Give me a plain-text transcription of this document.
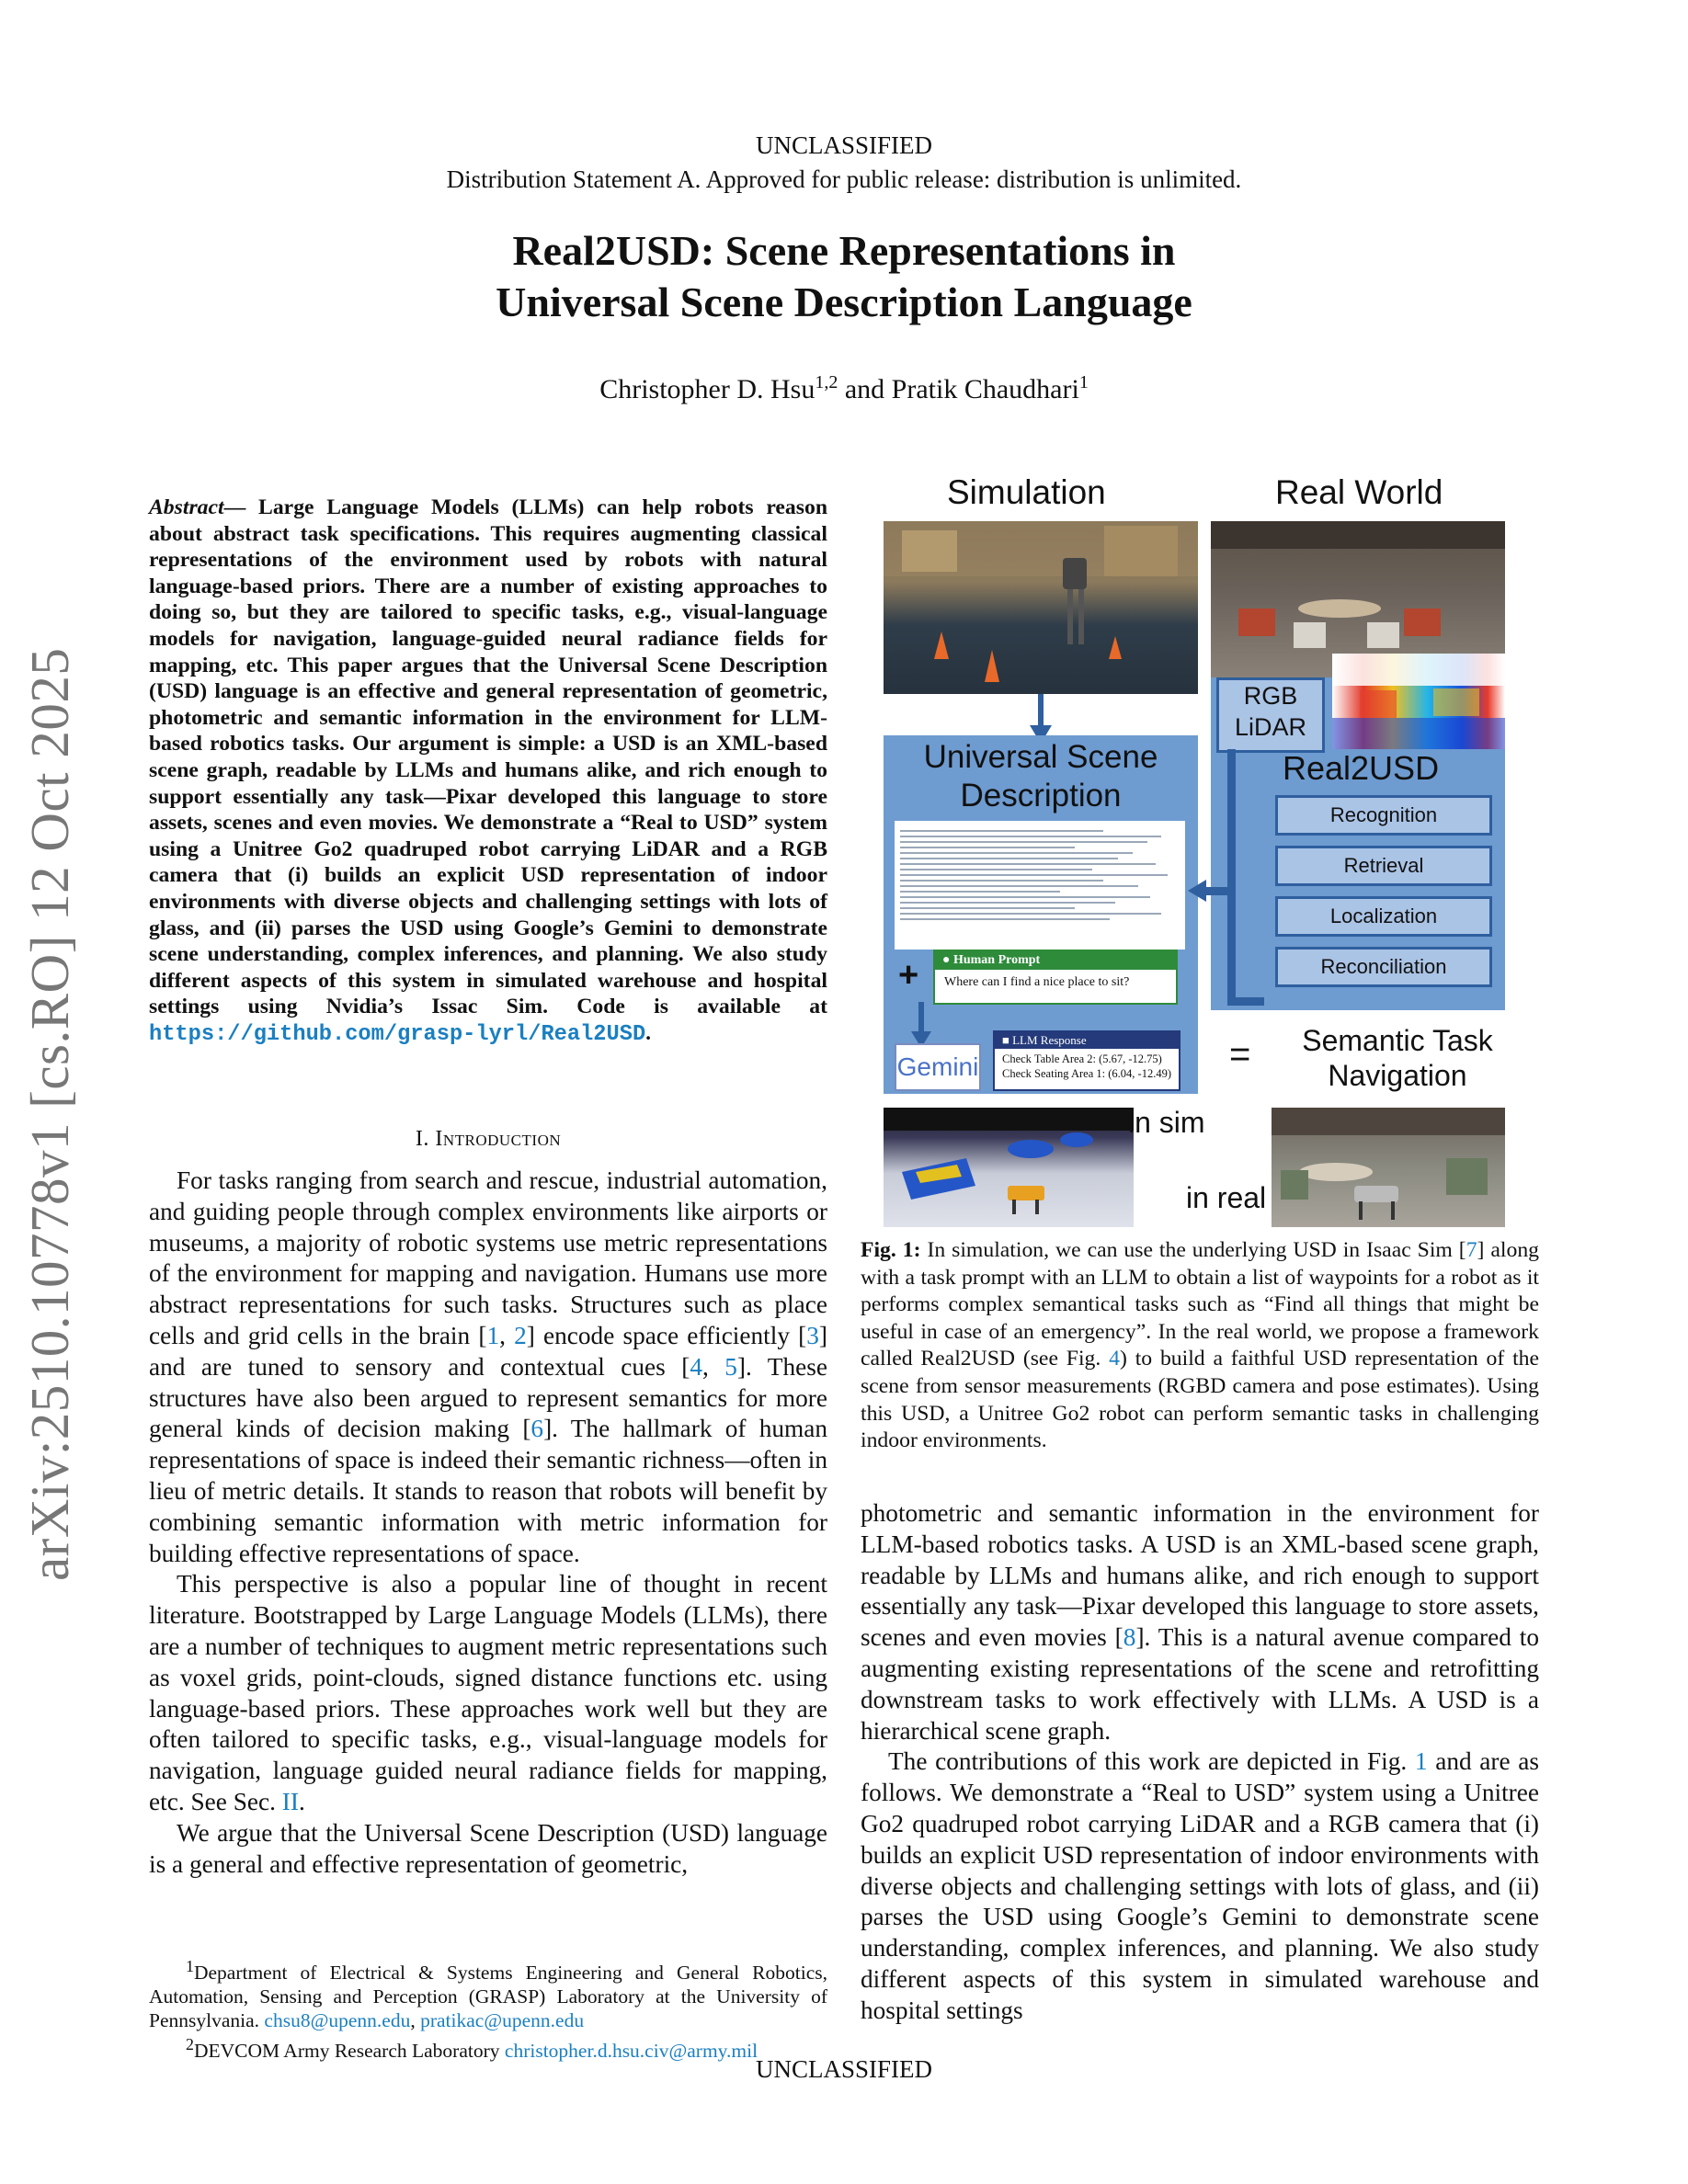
UNCLASSIFIED
Distribution Statement A. Approved for public release: distribution is unlimited.
Real2USD: Scene Representations in
Universal Scene Description Language
Christopher D. Hsu$^{1,2}$ and Pratik Chaudhari$^1$
arXiv:2510.10778v1 [cs.RO] 12 Oct 2025
Abstract— Large Language Models (LLMs) can help robots reason about abstract task specifications. This requires augmenting classical representations of the environment used by robots with natural language-based priors. There are a number of existing approaches to doing so, but they are tailored to specific tasks, e.g., visual-language models for navigation, language-guided neural radiance fields for mapping, etc. This paper argues that the Universal Scene Description (USD) language is an effective and general representation of geometric, photometric and semantic information in the environment for LLM-based robotics tasks. Our argument is simple: a USD is an XML-based scene graph, readable by LLMs and humans alike, and rich enough to support essentially any task—Pixar developed this language to store assets, scenes and even movies. We demonstrate a “Real to USD” system using a Unitree Go2 quadruped robot carrying LiDAR and a RGB camera that (i) builds an explicit USD representation of indoor environments with diverse objects and challenging settings with lots of glass, and (ii) parses the USD using Google’s Gemini to demonstrate scene understanding, complex inferences, and planning. We also study different aspects of this system in simulated warehouse and hospital settings using Nvidia’s Issac Sim. Code is available at https://github.com/grasp-lyrl/Real2USD.
I. Introduction

For tasks ranging from search and rescue, industrial automation, and guiding people through complex environments like airports or museums, a majority of robotic systems use metric representations of the environment for mapping and navigation. Humans use more abstract representations for such tasks. Structures such as place cells and grid cells in the brain [1, 2] encode space efficiently [3] and are tuned to sensory and contextual cues [4, 5]. These structures have also been argued to represent semantics for more general kinds of decision making [6]. The hallmark of human representations of space is indeed their semantic richness—often in lieu of metric details. It stands to reason that robots will benefit by combining semantic information with metric information for building effective representations of space.

This perspective is also a popular line of thought in recent literature. Bootstrapped by Large Language Models (LLMs), there are a number of techniques to augment metric representations such as voxel grids, point-clouds, signed distance functions etc. using language-based priors. These approaches work well but they are often tailored to specific tasks, e.g., visual-language models for navigation, language guided neural radiance fields for mapping, etc. See Sec. II.

We argue that the Universal Scene Description (USD) language is a general and effective representation of geometric,

$^1$Department of Electrical & Systems Engineering and General Robotics, Automation, Sensing and Perception (GRASP) Laboratory at the University of Pennsylvania. chsu8@upenn.edu, pratikac@upenn.edu

$^2$DEVCOM Army Research Laboratory christopher.d.hsu.civ@army.mil

Simulation	Real World
Universal Scene
Description
+	● Human Prompt
Where can I find a nice place to sit?
Gemini
■ LLM Response
Check Table Area 2: (5.67, -12.75)
Check Seating Area 1: (6.04, -12.49)
RGB
LiDAR
Real2USD
Recognition
Retrieval
Localization
Reconciliation
=	Semantic Task
Navigation
in sim
in real
Fig. 1: In simulation, we can use the underlying USD in Isaac Sim [7] along with a task prompt with an LLM to obtain a list of waypoints for a robot as it performs complex semantical tasks such as “Find all things that might be useful in case of an emergency”. In the real world, we propose a framework called Real2USD (see Fig. 4) to build a faithful USD representation of the scene from sensor measurements (RGBD camera and pose estimates). Using this USD, a Unitree Go2 robot can perform semantic tasks in challenging indoor environments.

photometric and semantic information in the environment for LLM-based robotics tasks. A USD is an XML-based scene graph, readable by LLMs and humans alike, and rich enough to support essentially any task—Pixar developed this language to store assets, scenes and even movies [8]. This is a natural avenue compared to augmenting existing representations of the scene and retrofitting downstream tasks to work effectively with LLMs. A USD is a hierarchical scene graph.

The contributions of this work are depicted in Fig. 1 and are as follows. We demonstrate a “Real to USD” system using a Unitree Go2 quadruped robot carrying LiDAR and a RGB camera that (i) builds an explicit USD representation of indoor environments with diverse objects and challenging settings with lots of glass, and (ii) parses the USD using Google’s Gemini to demonstrate scene understanding, complex inferences, and planning. We also study different aspects of this system in simulated warehouse and hospital settings

UNCLASSIFIED
